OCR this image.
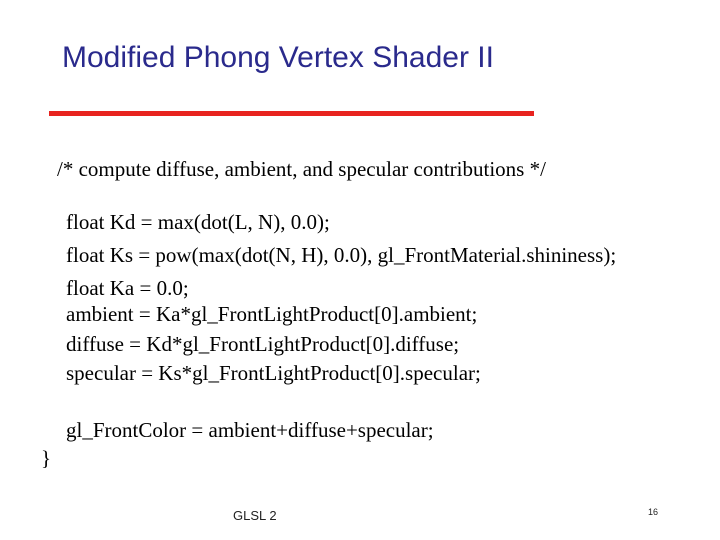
Modified Phong Vertex Shader II
/* compute diffuse, ambient, and specular contributions */
float Kd = max(dot(L, N), 0.0);
float Ks = pow(max(dot(N, H), 0.0), gl_FrontMaterial.shininess);
float Ka = 0.0;
ambient = Ka*gl_FrontLightProduct[0].ambient;
diffuse = Kd*gl_FrontLightProduct[0].diffuse;
specular = Ks*gl_FrontLightProduct[0].specular;
gl_FrontColor = ambient+diffuse+specular;
}
GLSL 2	16
